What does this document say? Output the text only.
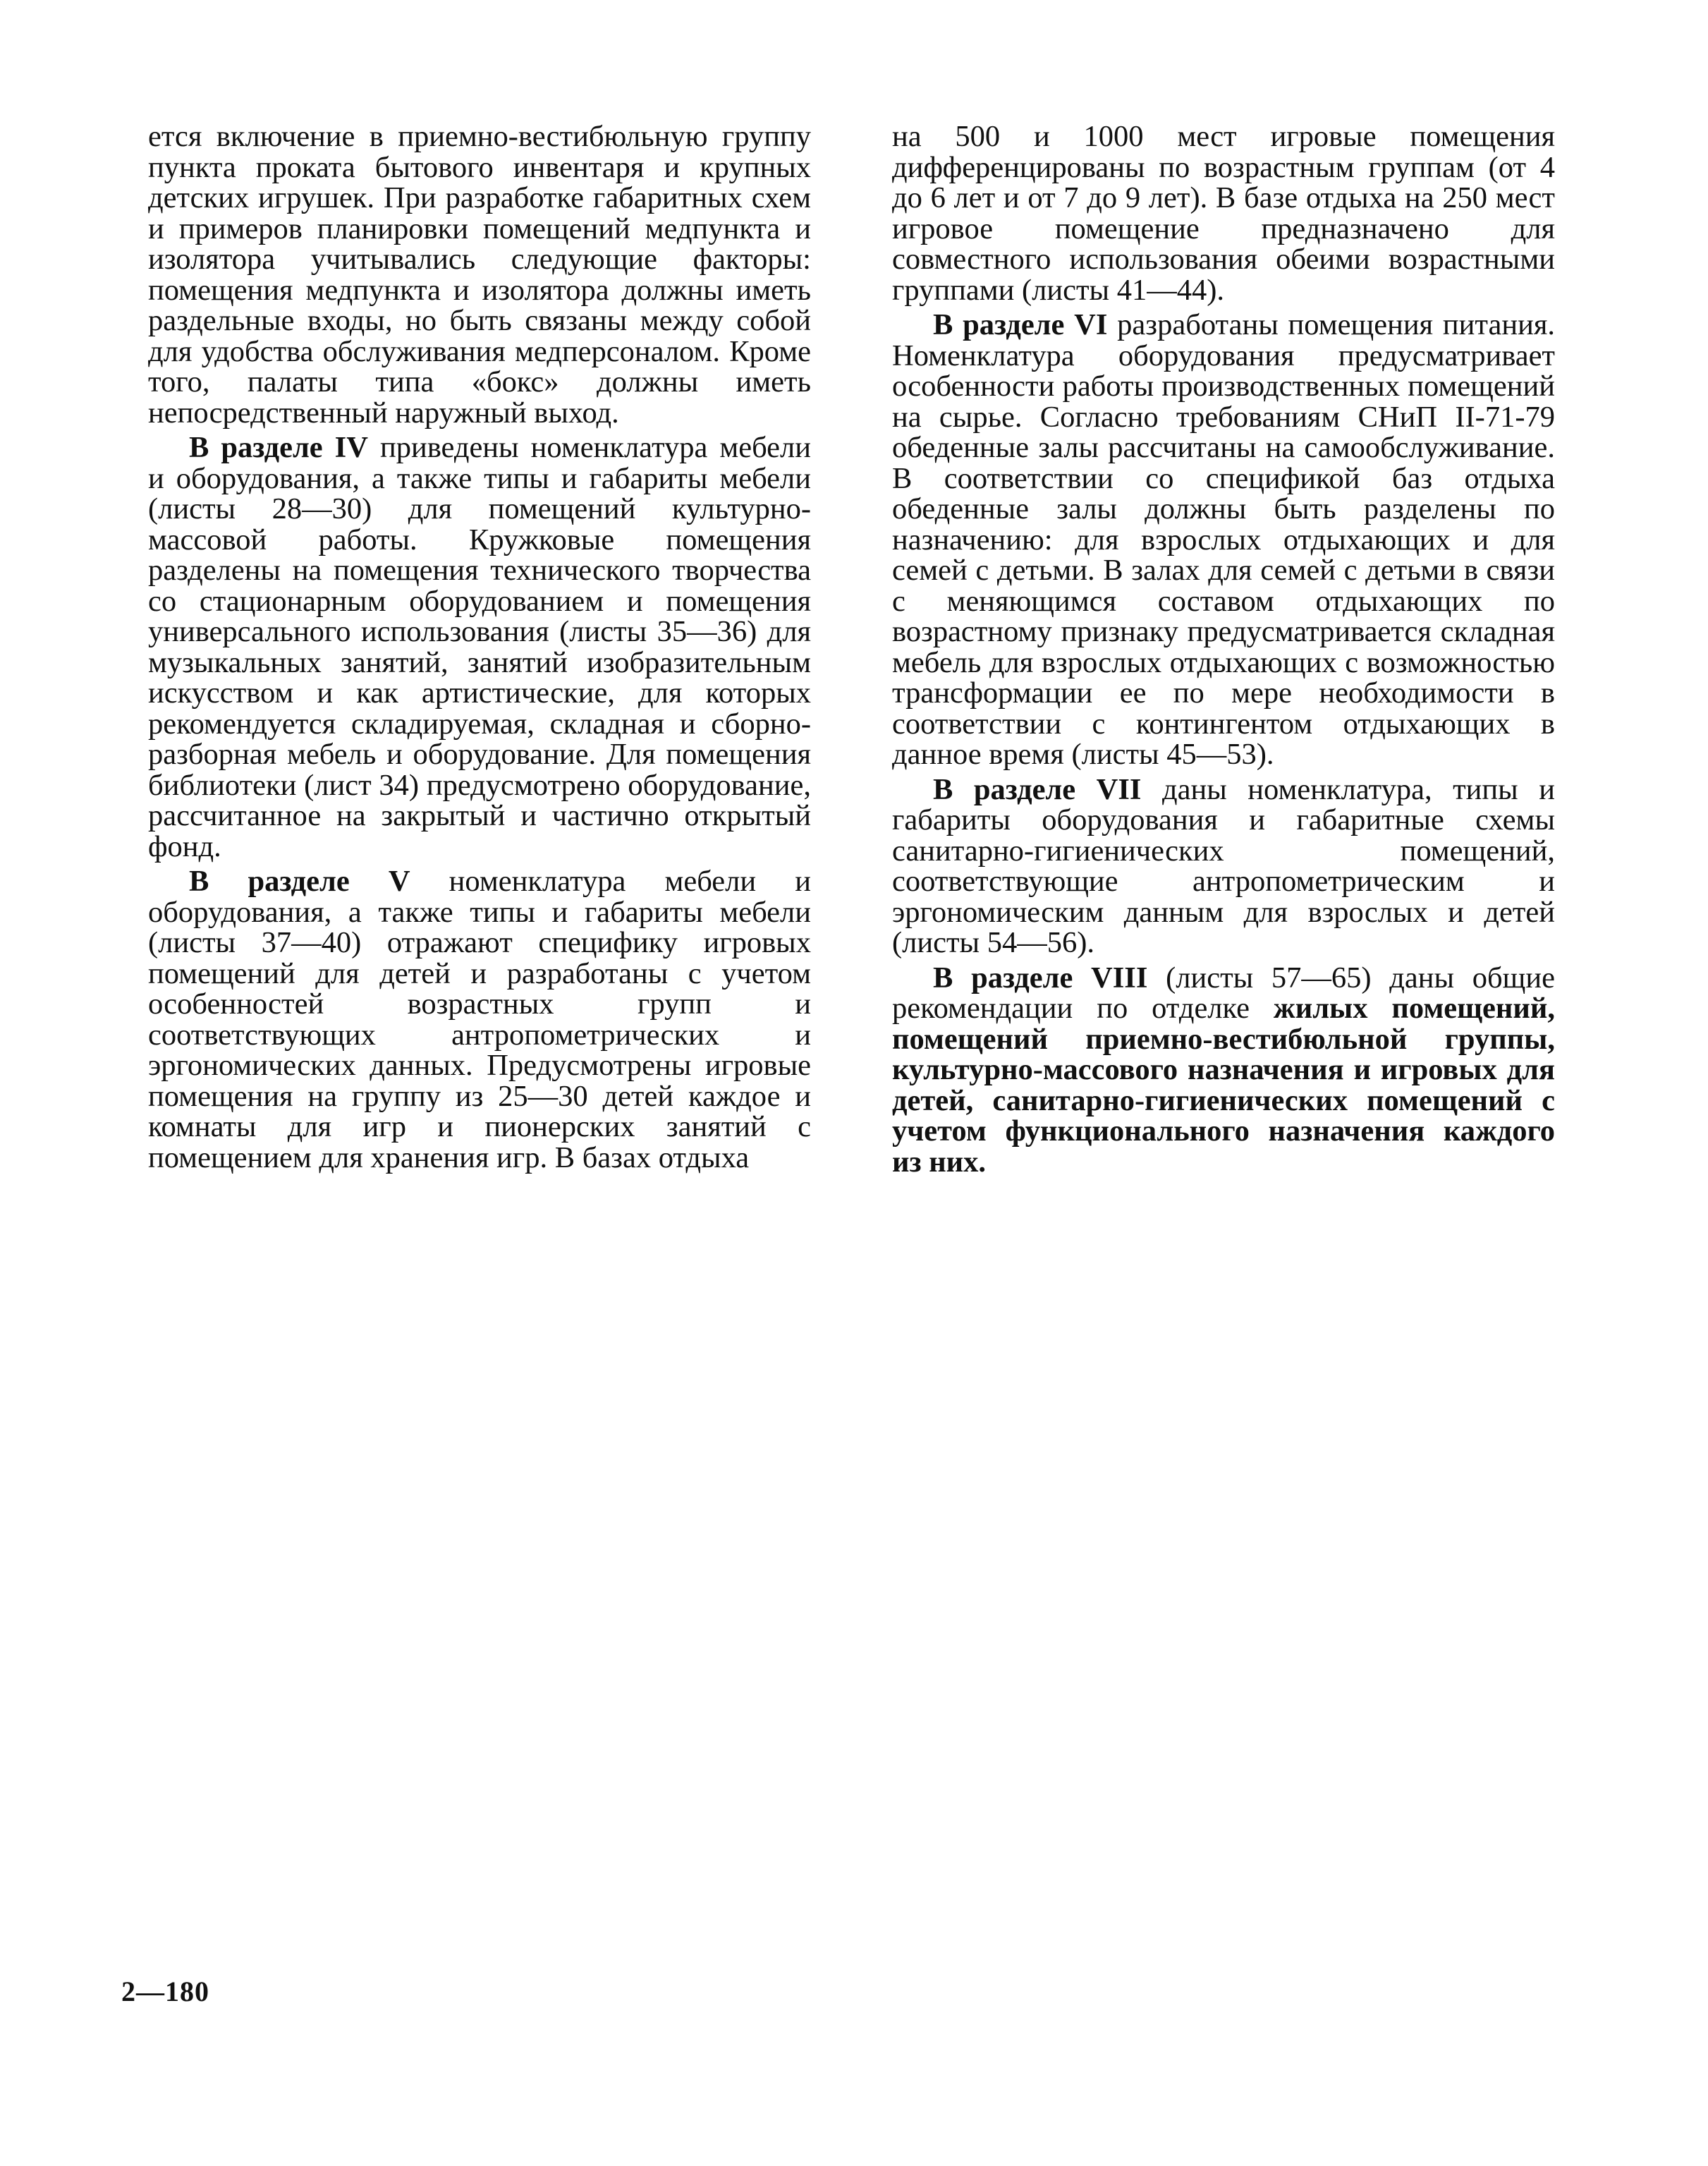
ется включение в приемно-вестибюльную группу пункта проката бытового инвентаря и крупных детских игрушек. При разработке габаритных схем и примеров планировки помещений медпункта и изолятора учитывались следующие факторы: помещения медпункта и изолятора должны иметь раздельные входы, но быть связаны между собой для удобства обслуживания медперсоналом. Кроме того, палаты типа «бокс» должны иметь непосредственный наружный выход.

В разделе IV приведены номенклатура мебели и оборудования, а также типы и габариты мебели (листы 28—30) для помещений культурно-массовой работы. Кружковые помещения разделены на помещения технического творчества со стационарным оборудованием и помещения универсального использования (листы 35—36) для музыкальных занятий, занятий изобразительным искусством и как артистические, для которых рекомендуется складируемая, складная и сборно-разборная мебель и оборудование. Для помещения библиотеки (лист 34) предусмотрено оборудование, рассчитанное на закрытый и частично открытый фонд.

В разделе V номенклатура мебели и оборудования, а также типы и габариты мебели (листы 37—40) отражают специфику игровых помещений для детей и разработаны с учетом особенностей возрастных групп и соответствующих антропометрических и эргономических данных. Предусмотрены игровые помещения на группу из 25—30 детей каждое и комнаты для игр и пионерских занятий с помещением для хранения игр. В базах отдыха

на 500 и 1000 мест игровые помещения дифференцированы по возрастным группам (от 4 до 6 лет и от 7 до 9 лет). В базе отдыха на 250 мест игровое помещение предназначено для совместного использования обеими возрастными группами (листы 41—44).

В разделе VI разработаны помещения питания. Номенклатура оборудования предусматривает особенности работы производственных помещений на сырье. Согласно требованиям СНиП II-71-79 обеденные залы рассчитаны на самообслуживание. В соответствии со спецификой баз отдыха обеденные залы должны быть разделены по назначению: для взрослых отдыхающих и для семей с детьми. В залах для семей с детьми в связи с меняющимся составом отдыхающих по возрастному признаку предусматривается складная мебель для взрослых отдыхающих с возможностью трансформации ее по мере необходимости в соответствии с контингентом отдыхающих в данное время (листы 45—53).

В разделе VII даны номенклатура, типы и габариты оборудования и габаритные схемы санитарно-гигиенических помещений, соответствующие антропометрическим и эргономическим данным для взрослых и детей (листы 54—56).

В разделе VIII (листы 57—65) даны общие рекомендации по отделке жилых помещений, помещений приемно-вестибюльной группы, культурно-массового назначения и игровых для детей, санитарно-гигиенических помещений с учетом функционального назначения каждого из них.

2—180
